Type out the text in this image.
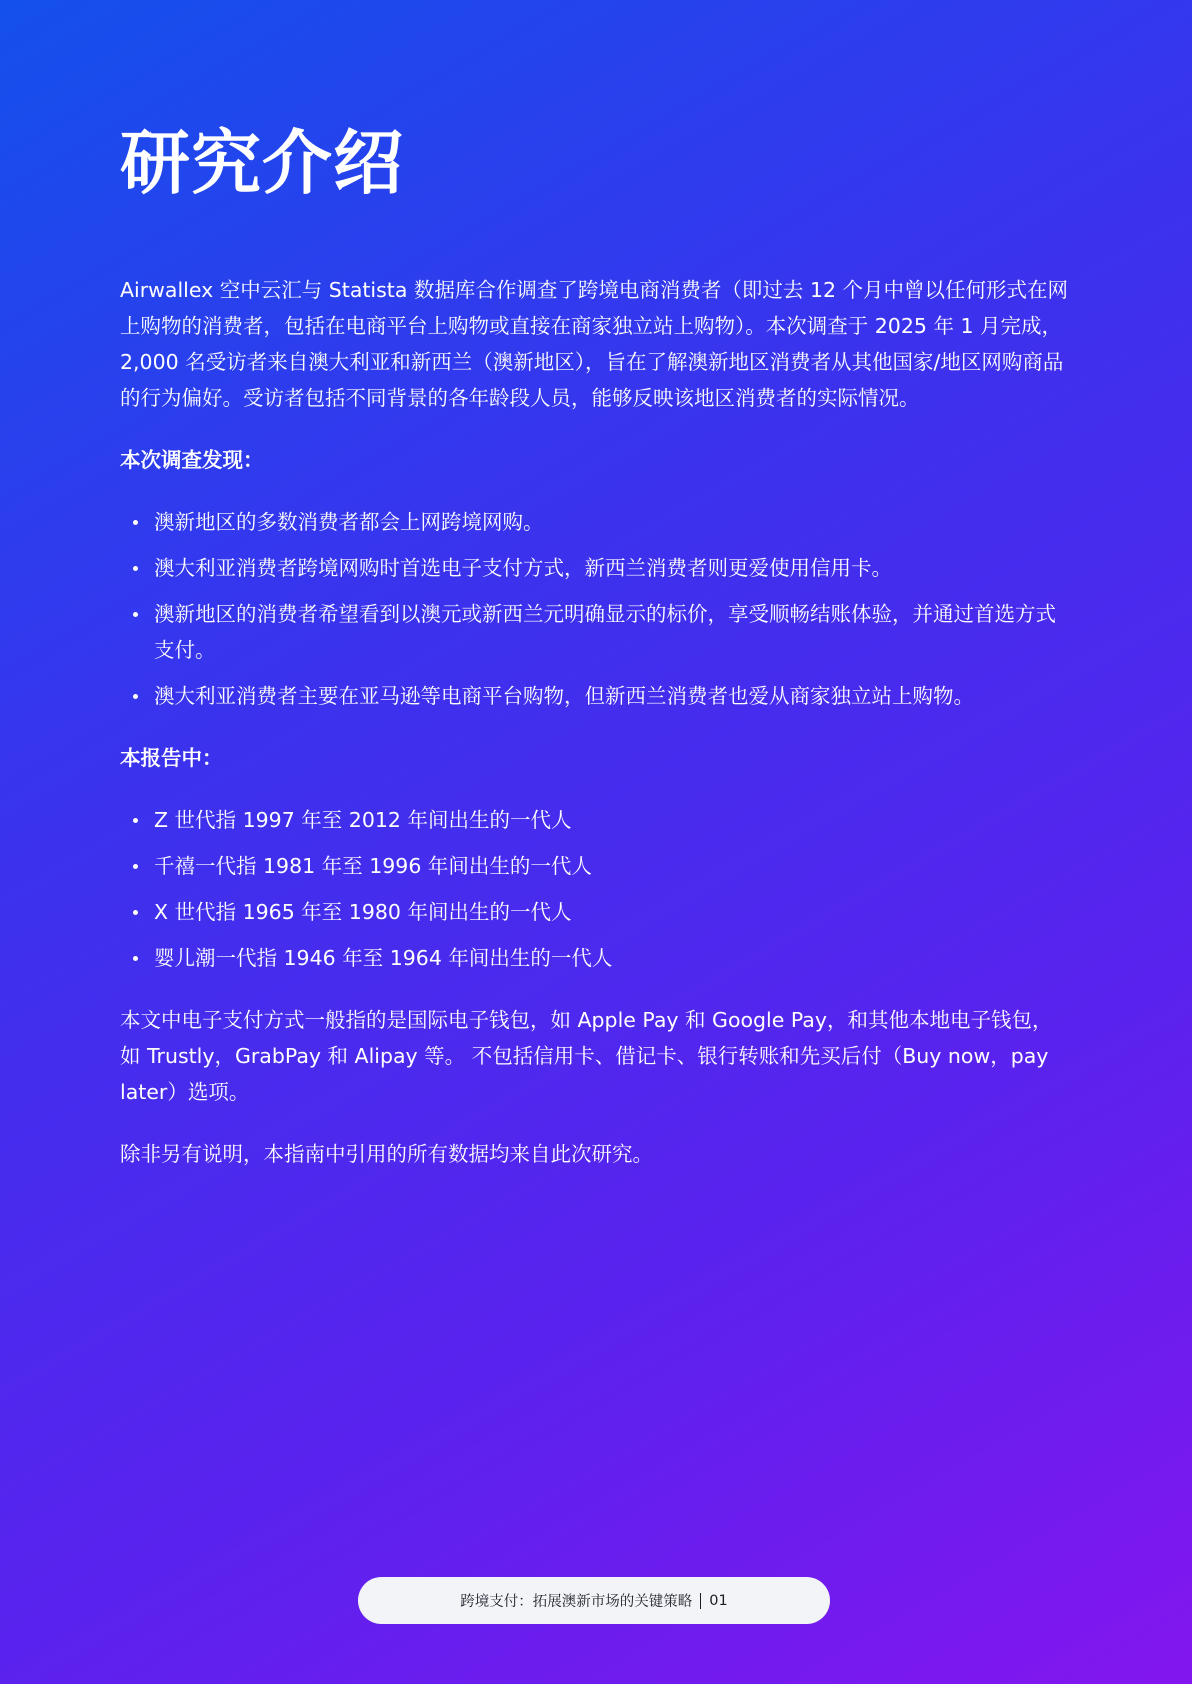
研究介绍

Airwallex 空中云汇与 Statista 数据库合作调查了跨境电商消费者（即过去 12 个月中曾以任何形式在网上购物的消费者，包括在电商平台上购物或直接在商家独立站上购物）。本次调查于 2025 年 1 月完成，2,000 名受访者来自澳大利亚和新西兰（澳新地区），旨在了解澳新地区消费者从其他国家/地区网购商品的行为偏好。受访者包括不同背景的各年龄段人员，能够反映该地区消费者的实际情况。

本次调查发现：

澳新地区的多数消费者都会上网跨境网购。
澳大利亚消费者跨境网购时首选电子支付方式，新西兰消费者则更爱使用信用卡。
澳新地区的消费者希望看到以澳元或新西兰元明确显示的标价，享受顺畅结账体验，并通过首选方式支付。
澳大利亚消费者主要在亚马逊等电商平台购物，但新西兰消费者也爱从商家独立站上购物。

本报告中：

Z 世代指 1997 年至 2012 年间出生的一代人
千禧一代指 1981 年至 1996 年间出生的一代人
X 世代指 1965 年至 1980 年间出生的一代人
婴儿潮一代指 1946 年至 1964 年间出生的一代人

本文中电子支付方式一般指的是国际电子钱包，如 Apple Pay 和 Google Pay，和其他本地电子钱包，如 Trustly，GrabPay 和 Alipay 等。 不包括信用卡、借记卡、银行转账和先买后付（Buy now，pay later）选项。

除非另有说明，本指南中引用的所有数据均来自此次研究。

跨境支付：拓展澳新市场的关键策略 01
